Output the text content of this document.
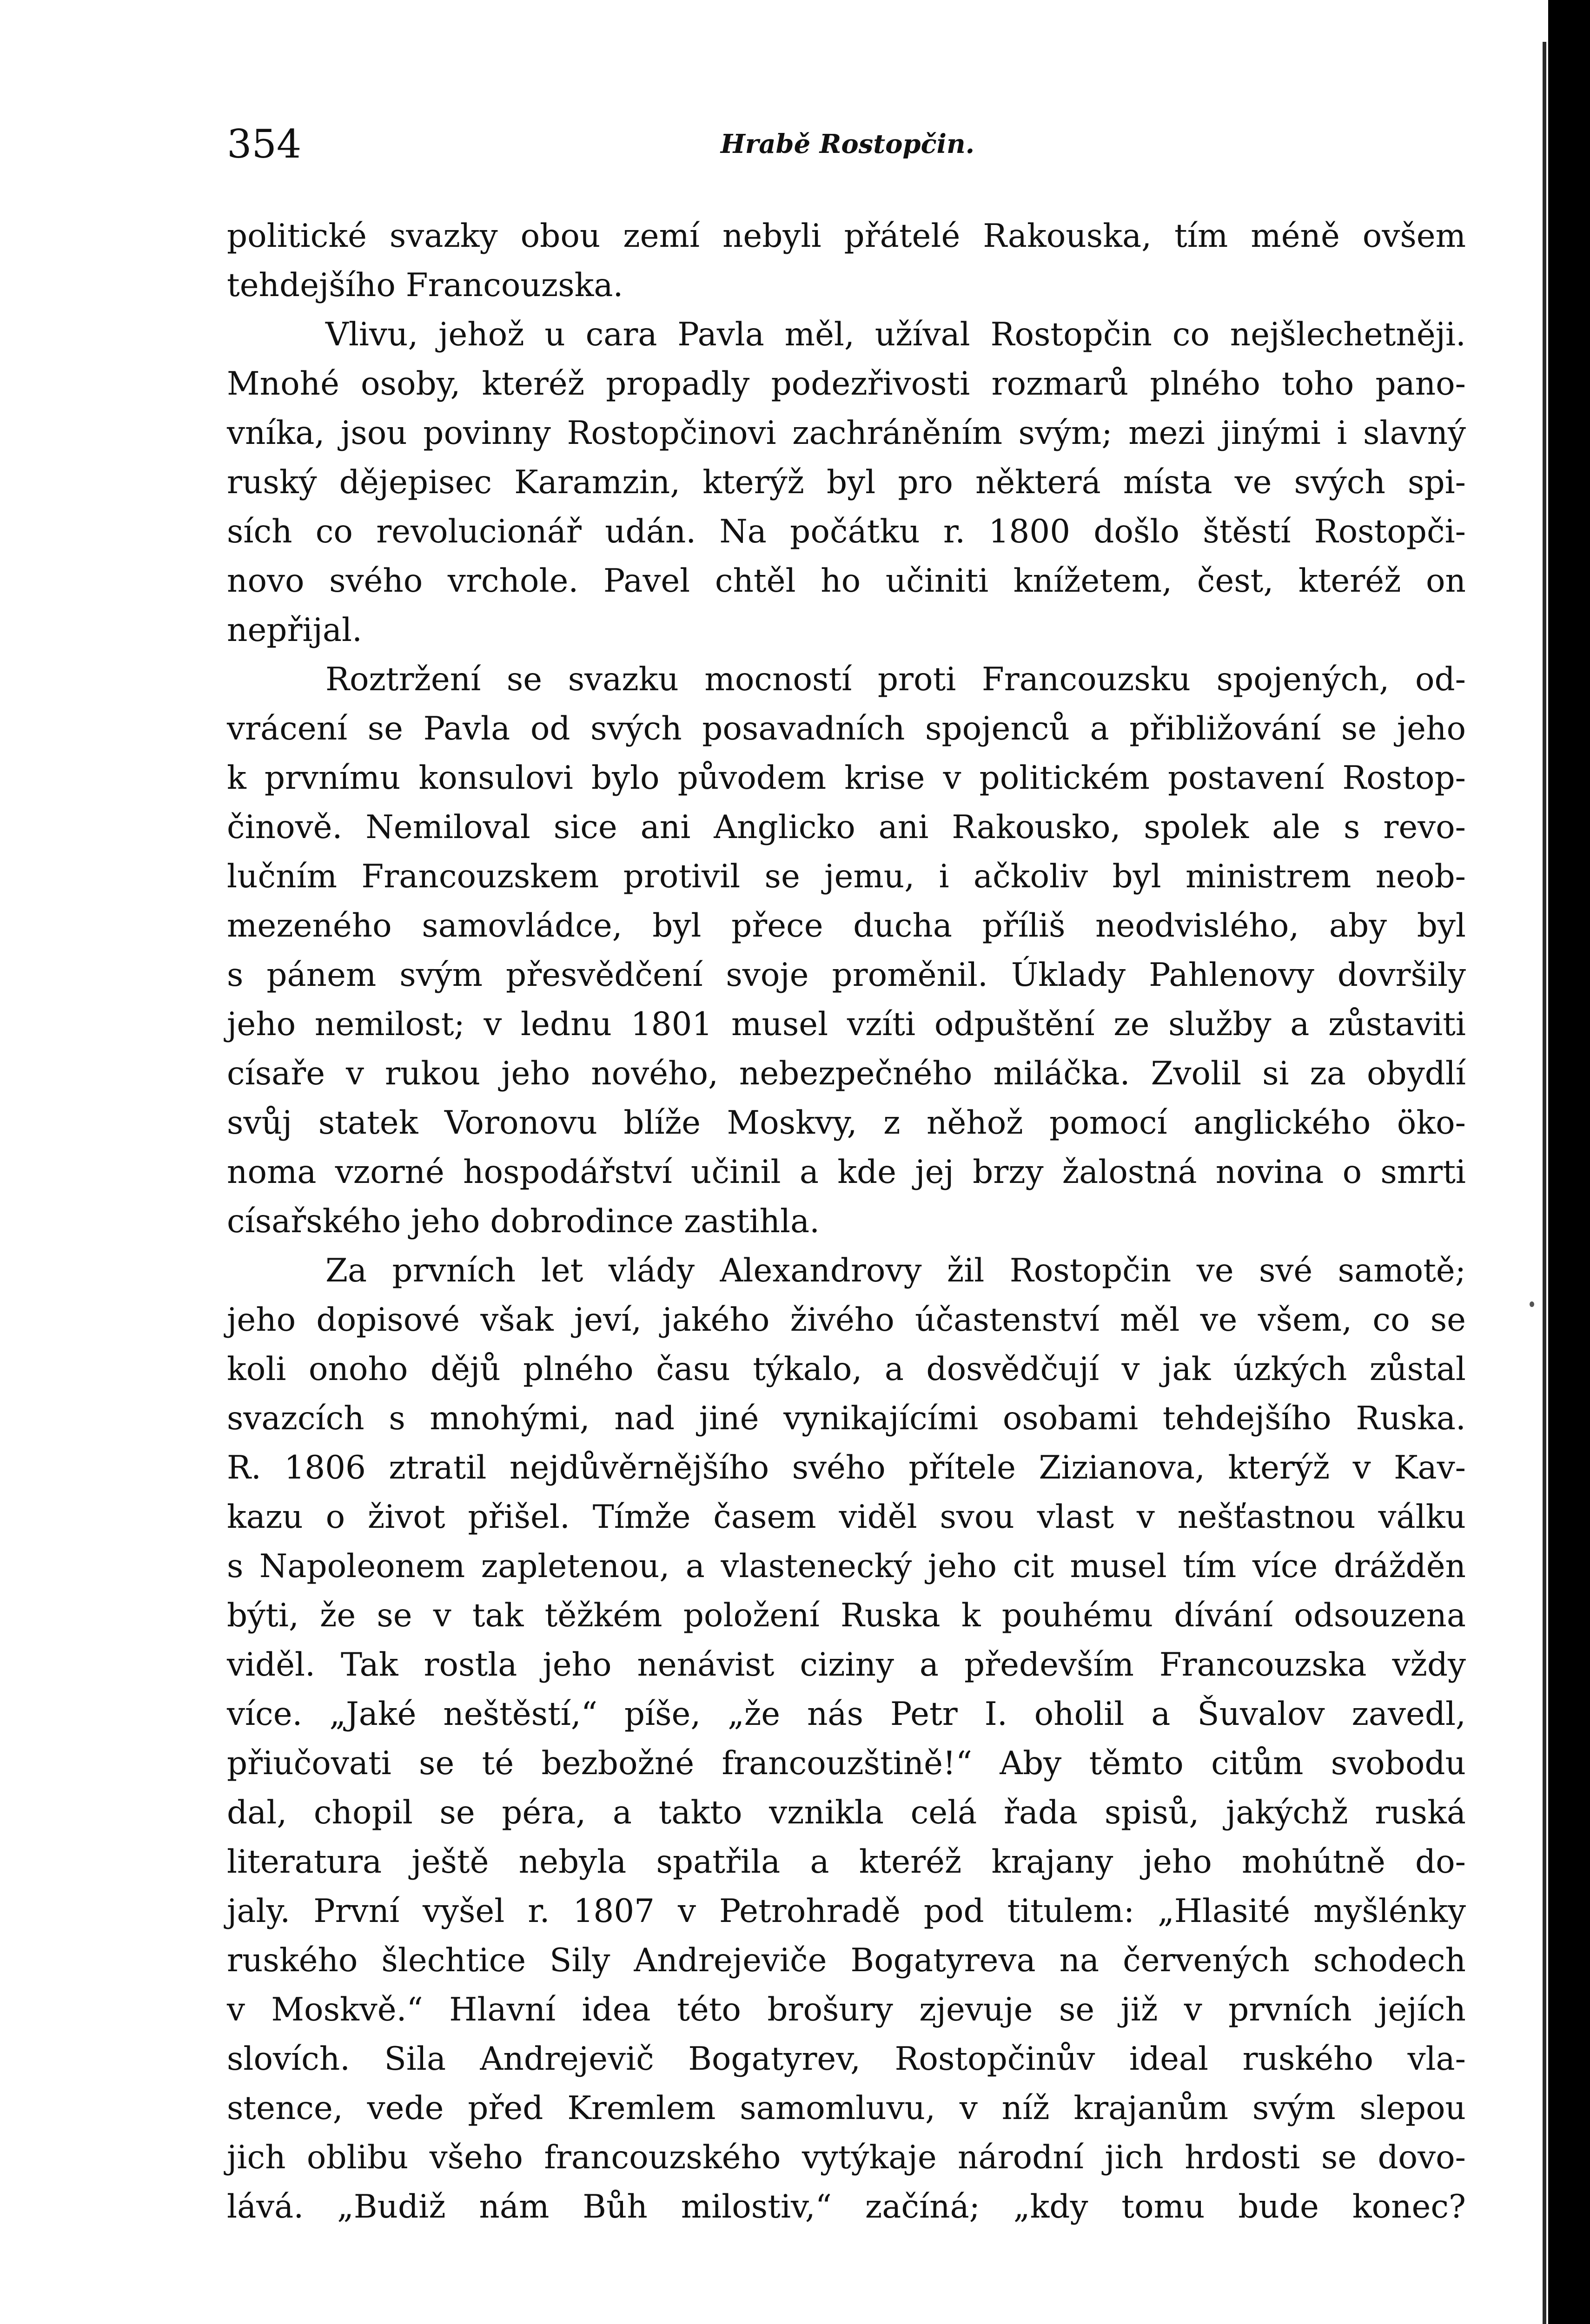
354	Hrabě Rostopčin.

politické svazky obou zemí nebyli přátelé Rakouska, tím méně ovšem

tehdejšího Francouzska.

Vlivu, jehož u cara Pavla měl, užíval Rostopčin co nejšlechetněji.

Mnohé osoby, kteréž propadly podezřivosti rozmarů plného toho pano-

vníka, jsou povinny Rostopčinovi zachráněním svým; mezi jinými i slavný

ruský dějepisec Karamzin, kterýž byl pro některá místa ve svých spi-

sích co revolucionář udán. Na počátku r. 1800 došlo štěstí Rostopči-

novo svého vrchole. Pavel chtěl ho učiniti knížetem, čest, kteréž on

nepřijal.

Roztržení se svazku mocností proti Francouzsku spojených, od-

vrácení se Pavla od svých posavadních spojenců a přibližování se jeho

k prvnímu konsulovi bylo původem krise v politickém postavení Rostop-

činově. Nemiloval sice ani Anglicko ani Rakousko, spolek ale s revo-

lučním Francouzskem protivil se jemu, i ačkoliv byl ministrem neob-

mezeného samovládce, byl přece ducha příliš neodvislého, aby byl

s pánem svým přesvědčení svoje proměnil. Úklady Pahlenovy dovršily

jeho nemilost; v lednu 1801 musel vzíti odpuštění ze služby a zůstaviti

císaře v rukou jeho nového, nebezpečného miláčka. Zvolil si za obydlí

svůj statek Voronovu blíže Moskvy, z něhož pomocí anglického öko-

noma vzorné hospodářství učinil a kde jej brzy žalostná novina o smrti

císařského jeho dobrodince zastihla.

Za prvních let vlády Alexandrovy žil Rostopčin ve své samotě;

jeho dopisové však jeví, jakého živého účastenství měl ve všem, co se

koli onoho dějů plného času týkalo, a dosvědčují v jak úzkých zůstal

svazcích s mnohými, nad jiné vynikajícími osobami tehdejšího Ruska.

R. 1806 ztratil nejdůvěrnějšího svého přítele Zizianova, kterýž v Kav-

kazu o život přišel. Tímže časem viděl svou vlast v nešťastnou válku

s Napoleonem zapletenou, a vlastenecký jeho cit musel tím více drážděn

býti, že se v tak těžkém položení Ruska k pouhému dívání odsouzena

viděl. Tak rostla jeho nenávist ciziny a především Francouzska vždy

více. „Jaké neštěstí,“ píše, „že nás Petr I. oholil a Šuvalov zavedl,

přiučovati se té bezbožné francouzštině!“ Aby těmto citům svobodu

dal, chopil se péra, a takto vznikla celá řada spisů, jakýchž ruská

literatura ještě nebyla spatřila a kteréž krajany jeho mohútně do-

jaly. První vyšel r. 1807 v Petrohradě pod titulem: „Hlasité myšlénky

ruského šlechtice Sily Andrejeviče Bogatyreva na červených schodech

v Moskvě.“ Hlavní idea této brošury zjevuje se již v prvních jejích

slovích. Sila Andrejevič Bogatyrev, Rostopčinův ideal ruského vla-

stence, vede před Kremlem samomluvu, v níž krajanům svým slepou

jich oblibu všeho francouzského vytýkaje národní jich hrdosti se dovo-

lává. „Budiž nám Bůh milostiv,“ začíná; „kdy tomu bude konec?
